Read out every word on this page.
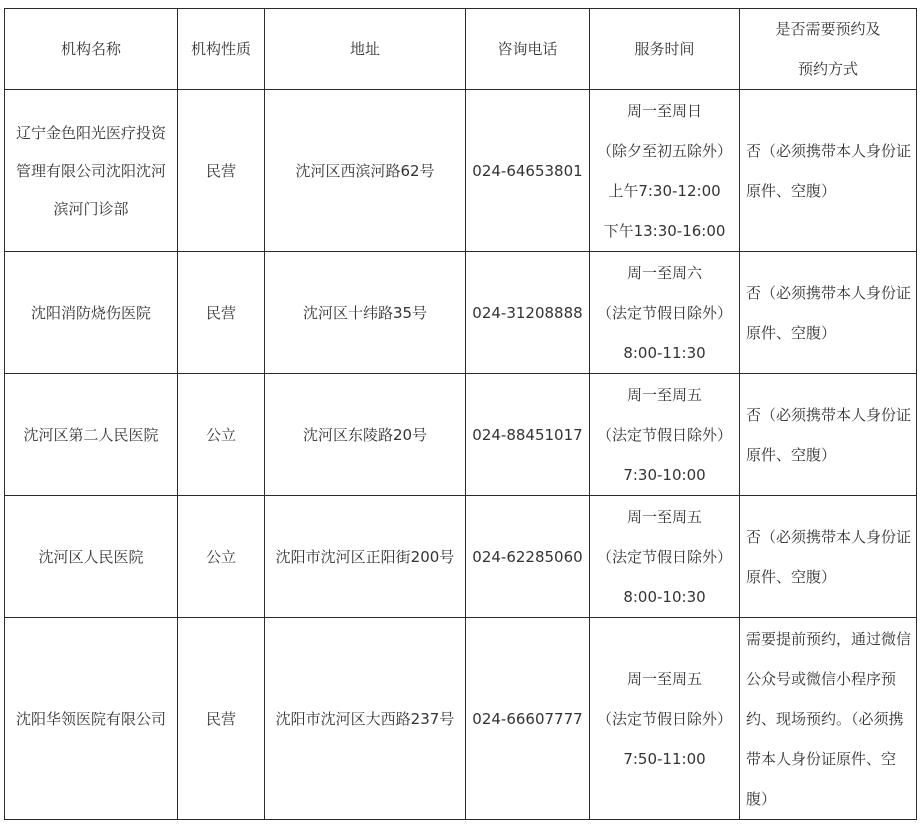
机构名称	机构性质	地址	咨询电话	服务时间	是否需要预约及
预约方式

辽宁金色阳光医疗投资管理有限公司沈阳沈河滨河门诊部	民营	沈河区西滨河路62号	024-64653801	周一至周日
（除夕至初五除外）
上午7:30-12:00
下午13:30-16:00	否（必须携带本人身份证原件、空腹）

沈阳消防烧伤医院	民营	沈河区十纬路35号	024-31208888	周一至周六
（法定节假日除外）
8:00-11:30	否（必须携带本人身份证原件、空腹）

沈河区第二人民医院	公立	沈河区东陵路20号	024-88451017	周一至周五
（法定节假日除外）
7:30-10:00	否（必须携带本人身份证原件、空腹）

沈河区人民医院	公立	沈阳市沈河区正阳街200号	024-62285060	周一至周五
（法定节假日除外）
8:00-10:30	否（必须携带本人身份证原件、空腹）

沈阳华领医院有限公司	民营	沈阳市沈河区大西路237号	024-66607777	周一至周五
（法定节假日除外）
7:50-11:00	需要提前预约，通过微信公众号或微信小程序预约、现场预约。（必须携带本人身份证原件、空腹）
